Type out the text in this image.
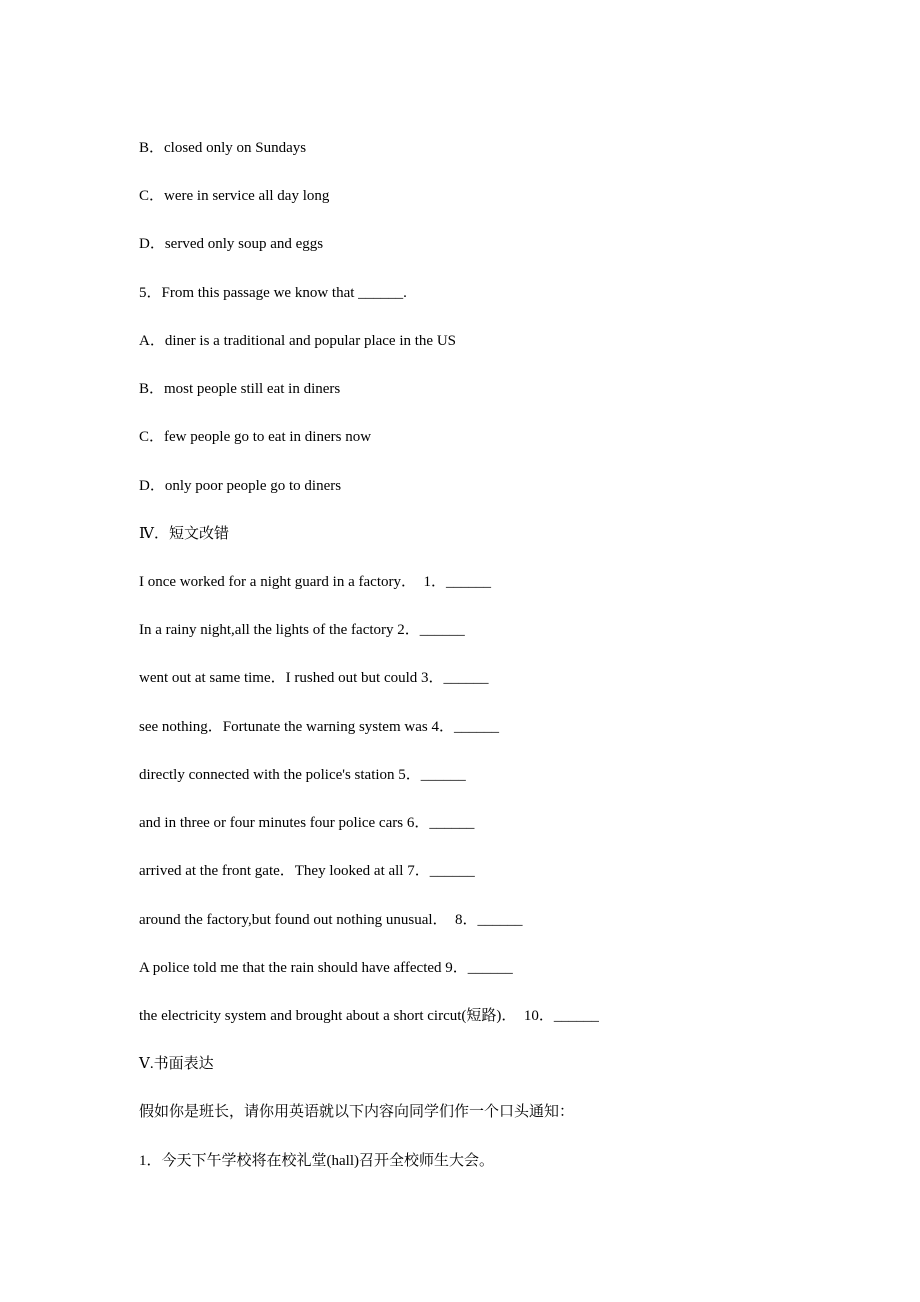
B．closed only on Sundays
C．were in service all day long
D．served only soup and eggs
5．From this passage we know that ______.
A．diner is a traditional and popular place in the US
B．most people still eat in diners
C．few people go to eat in diners now
D．only poor people go to diners
Ⅳ．短文改错
I once worked for a night guard in a factory．  1．______
In a rainy night,all the lights of the factory 2．______
went out at same time．I rushed out but could 3．______
see nothing．Fortunate the warning system was 4．______
directly connected with the police's station 5．______
and in three or four minutes four police cars 6．______
arrived at the front gate．They looked at all 7．______
around the factory,but found out nothing unusual．  8．______
A police told me that the rain should have affected 9．______
the electricity system and brought about a short circut(短路)．  10．______
Ⅴ.书面表达
假如你是班长，请你用英语就以下内容向同学们作一个口头通知：
1．今天下午学校将在校礼堂(hall)召开全校师生大会。
